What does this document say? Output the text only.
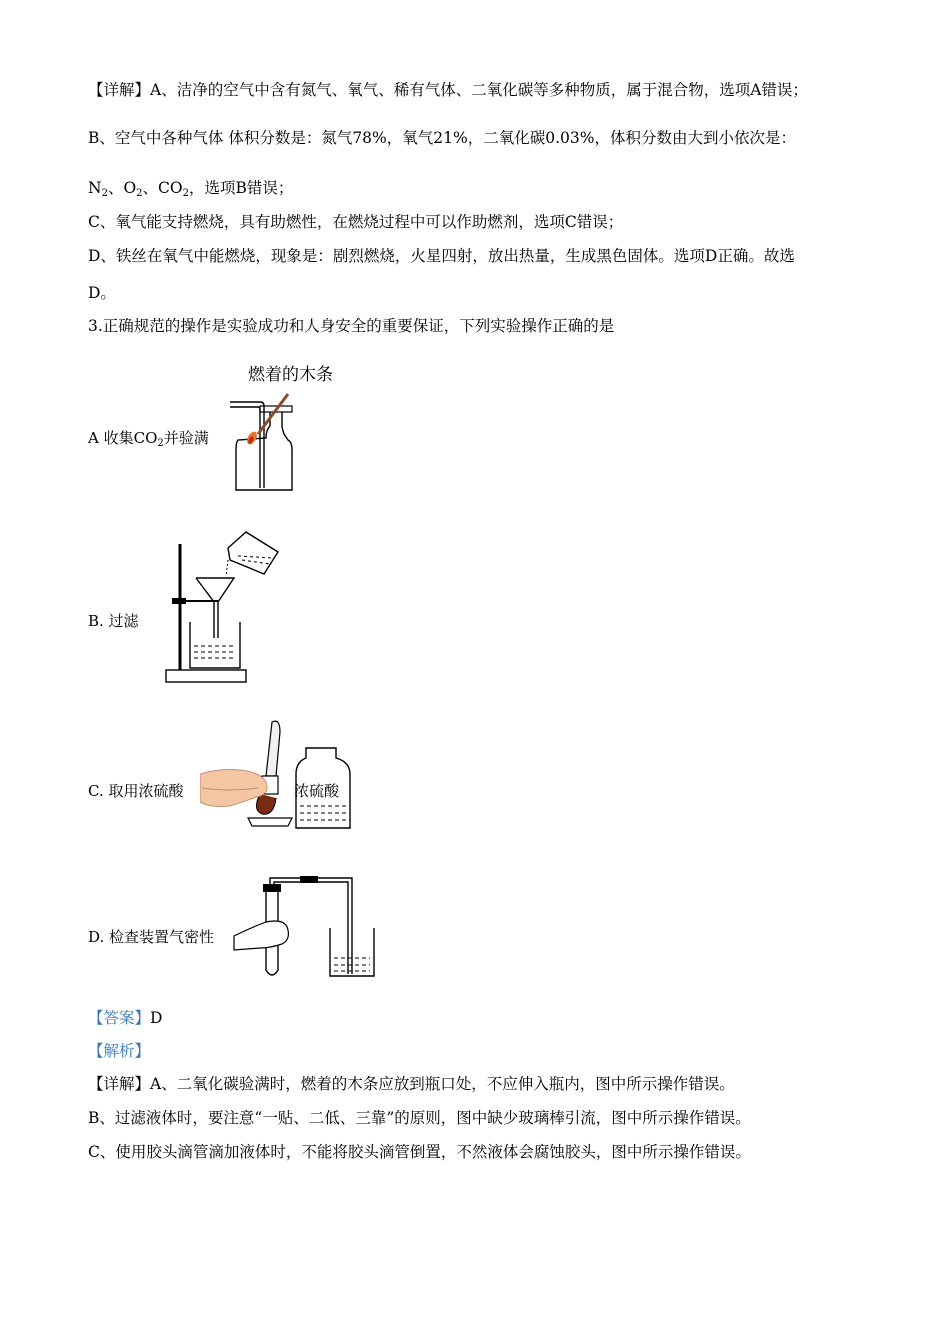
【详解】A、洁净的空气中含有氮气、氧气、稀有气体、二氧化碳等多种物质，属于混合物，选项A错误；
B、空气中各种气体 体积分数是：氮气78%，氧气21%，二氧化碳0.03%，体积分数由大到小依次是：
$N_2$、$O_2$、$CO_2$，选项B错误；
C、氧气能支持燃烧，具有助燃性，在燃烧过程中可以作助燃剂，选项C错误；
D、铁丝在氧气中能燃烧，现象是：剧烈燃烧，火星四射，放出热量，生成黑色固体。选项D正确。故选
D。
3.正确规范的操作是实验成功和人身安全的重要保证，下列实验操作正确的是
燃着的木条
A 收集$CO_2$并验满
B. 过滤
浓硫酸
C. 取用浓硫酸
D. 检查装置气密性
【答案】D
【解析】
【详解】A、二氧化碳验满时，燃着的木条应放到瓶口处，不应伸入瓶内，图中所示操作错误。
B、过滤液体时，要注意“一贴、二低、三靠”的原则，图中缺少玻璃棒引流，图中所示操作错误。
C、使用胶头滴管滴加液体时，不能将胶头滴管倒置，不然液体会腐蚀胶头，图中所示操作错误。
